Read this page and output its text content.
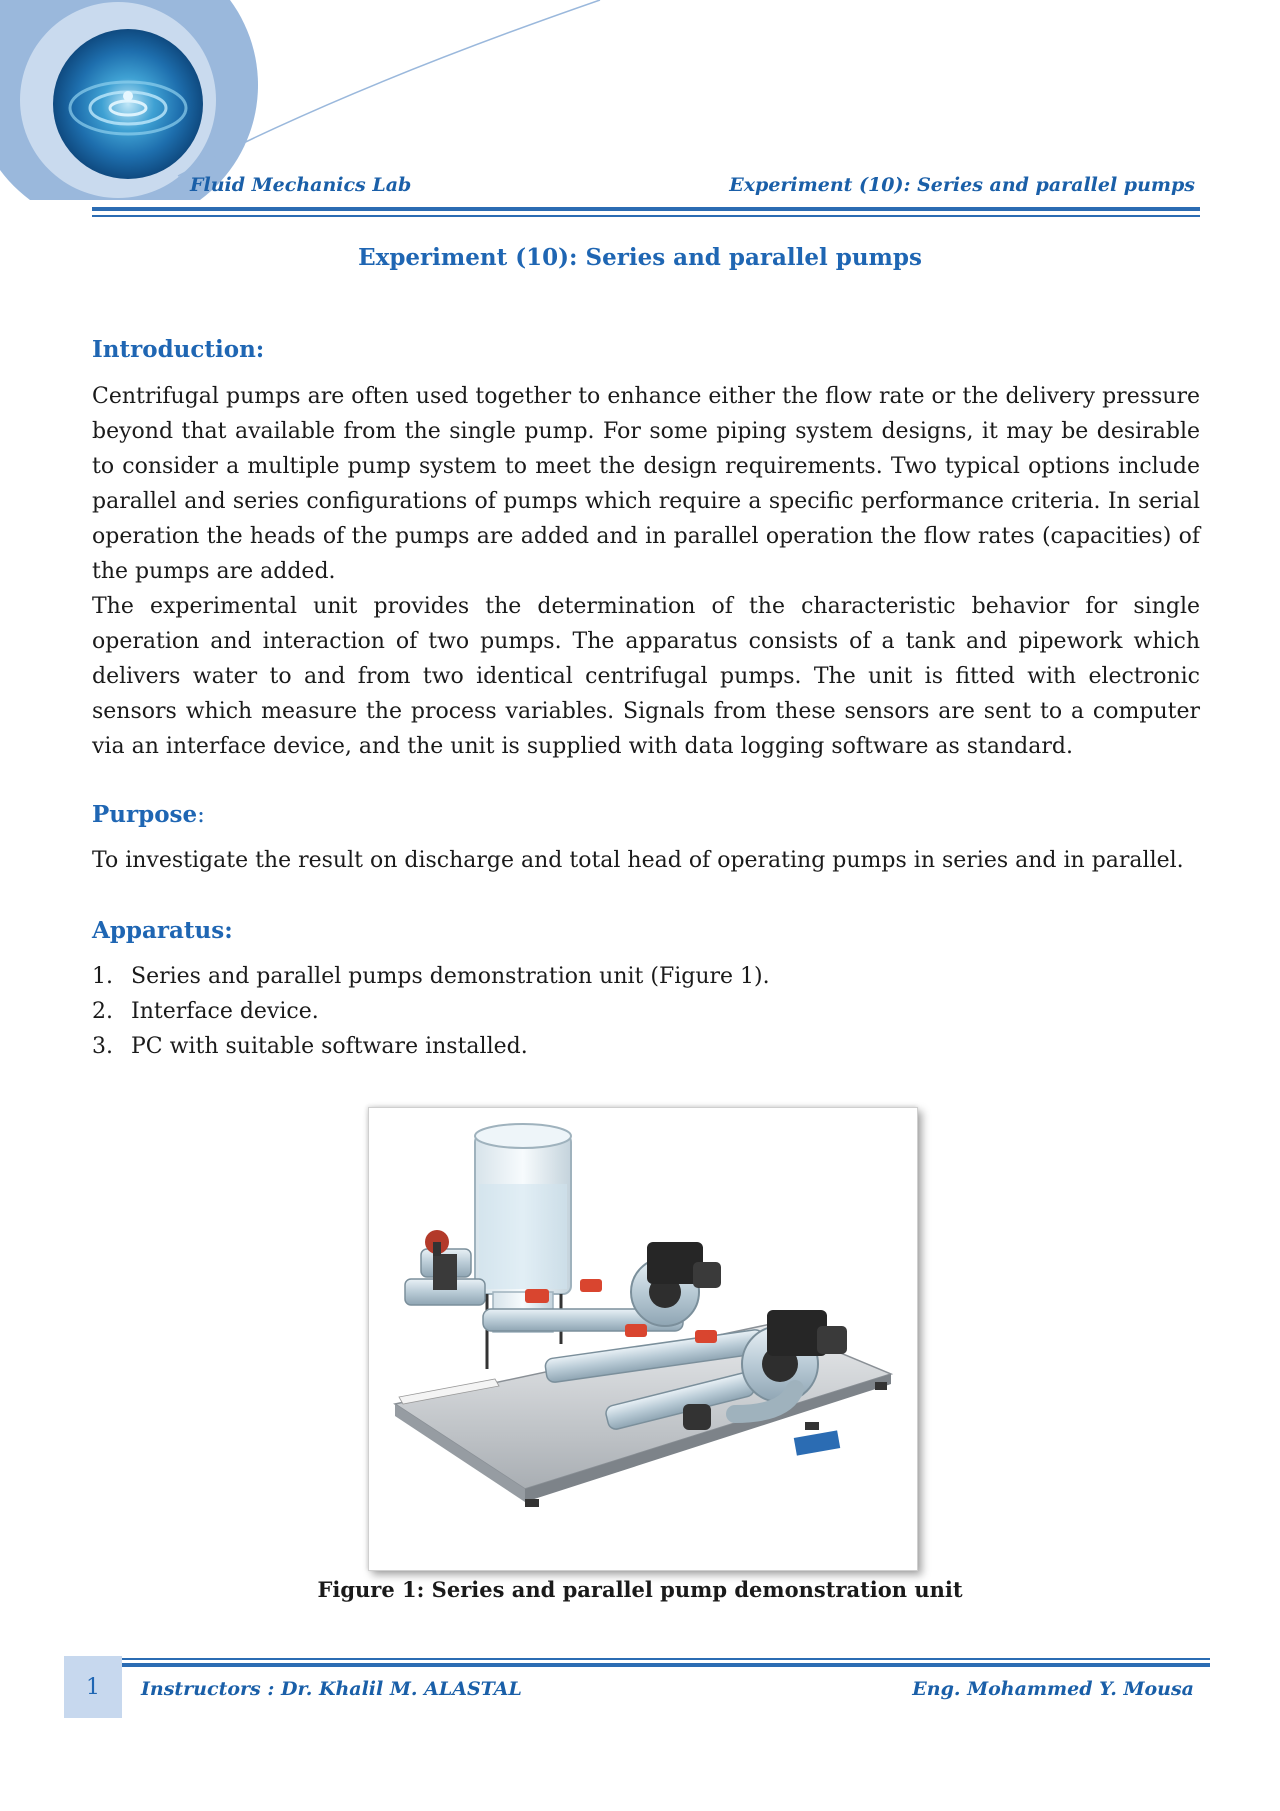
Fluid Mechanics Lab	Experiment (10): Series and parallel pumps
Experiment (10): Series and parallel pumps
Introduction:

Centrifugal pumps are often used together to enhance either the flow rate or the delivery pressure beyond that available from the single pump. For some piping system designs, it may be desirable to consider a multiple pump system to meet the design requirements. Two typical options include parallel and series configurations of pumps which require a specific performance criteria. In serial operation the heads of the pumps are added and in parallel operation the flow rates (capacities) of the pumps are added.

The experimental unit provides the determination of the characteristic behavior for single operation and interaction of two pumps. The apparatus consists of a tank and pipework which delivers water to and from two identical centrifugal pumps. The unit is fitted with electronic sensors which measure the process variables. Signals from these sensors are sent to a computer via an interface device, and the unit is supplied with data logging software as standard.

Purpose:

To investigate the result on discharge and total head of operating pumps in series and in parallel.

Apparatus:
1. Series and parallel pumps demonstration unit (Figure 1).
2. Interface device.
3. PC with suitable software installed.
Figure 1: Series and parallel pump demonstration unit
1	Instructors : Dr. Khalil M. ALASTAL	Eng. Mohammed Y. Mousa
